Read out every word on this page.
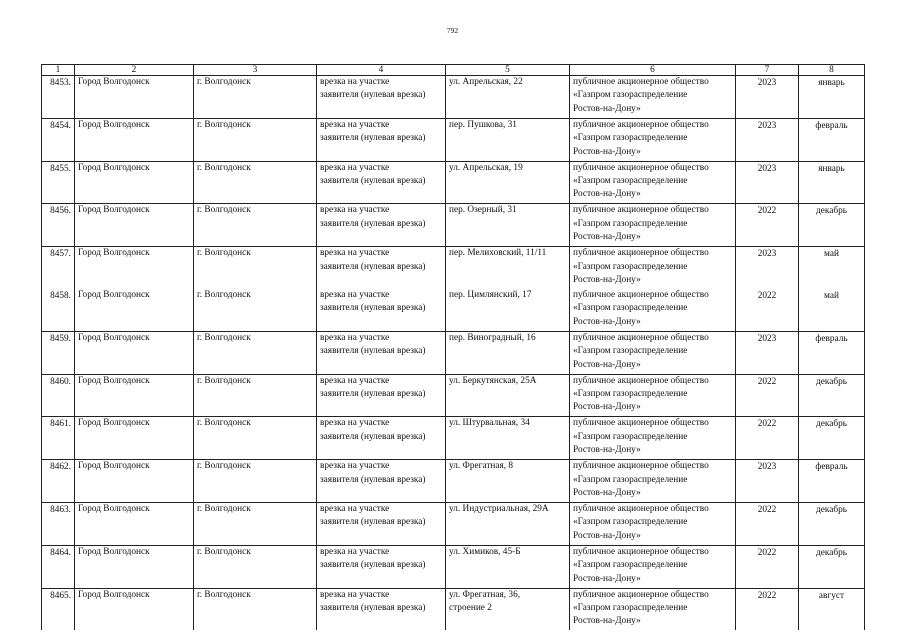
792
1	2	3	4	5	6	7	8
8453.	Город Волгодонск	г. Волгодонск	врезка на участке
заявителя (нулевая врезка)	ул. Апрельская, 22	публичное акционерное общество
«Газпром газораспределение
Ростов-на-Дону»	2023	январь
8454.	Город Волгодонск	г. Волгодонск	врезка на участке
заявителя (нулевая врезка)	пер. Пушкова, 31	публичное акционерное общество
«Газпром газораспределение
Ростов-на-Дону»	2023	февраль
8455.	Город Волгодонск	г. Волгодонск	врезка на участке
заявителя (нулевая врезка)	ул. Апрельская, 19	публичное акционерное общество
«Газпром газораспределение
Ростов-на-Дону»	2023	январь
8456.	Город Волгодонск	г. Волгодонск	врезка на участке
заявителя (нулевая врезка)	пер. Озерный, 31	публичное акционерное общество
«Газпром газораспределение
Ростов-на-Дону»	2022	декабрь
8457.	Город Волгодонск	г. Волгодонск	врезка на участке
заявителя (нулевая врезка)	пер. Мелиховский, 11/11	публичное акционерное общество
«Газпром газораспределение
Ростов-на-Дону»	2023	май
8458.	Город Волгодонск	г. Волгодонск	врезка на участке
заявителя (нулевая врезка)	пер. Цимлянский, 17	публичное акционерное общество
«Газпром газораспределение
Ростов-на-Дону»	2022	май
8459.	Город Волгодонск	г. Волгодонск	врезка на участке
заявителя (нулевая врезка)	пер. Виноградный, 16	публичное акционерное общество
«Газпром газораспределение
Ростов-на-Дону»	2023	февраль
8460.	Город Волгодонск	г. Волгодонск	врезка на участке
заявителя (нулевая врезка)	ул. Беркутянская, 25А	публичное акционерное общество
«Газпром газораспределение
Ростов-на-Дону»	2022	декабрь
8461.	Город Волгодонск	г. Волгодонск	врезка на участке
заявителя (нулевая врезка)	ул. Штурвальная, 34	публичное акционерное общество
«Газпром газораспределение
Ростов-на-Дону»	2022	декабрь
8462.	Город Волгодонск	г. Волгодонск	врезка на участке
заявителя (нулевая врезка)	ул. Фрегатная, 8	публичное акционерное общество
«Газпром газораспределение
Ростов-на-Дону»	2023	февраль
8463.	Город Волгодонск	г. Волгодонск	врезка на участке
заявителя (нулевая врезка)	ул. Индустриальная, 29А	публичное акционерное общество
«Газпром газораспределение
Ростов-на-Дону»	2022	декабрь
8464.	Город Волгодонск	г. Волгодонск	врезка на участке
заявителя (нулевая врезка)	ул. Химиков, 45-Б	публичное акционерное общество
«Газпром газораспределение
Ростов-на-Дону»	2022	декабрь
8465.	Город Волгодонск	г. Волгодонск	врезка на участке
заявителя (нулевая врезка)	ул. Фрегатная, 36,
строение 2	публичное акционерное общество
«Газпром газораспределение
Ростов-на-Дону»	2022	август
